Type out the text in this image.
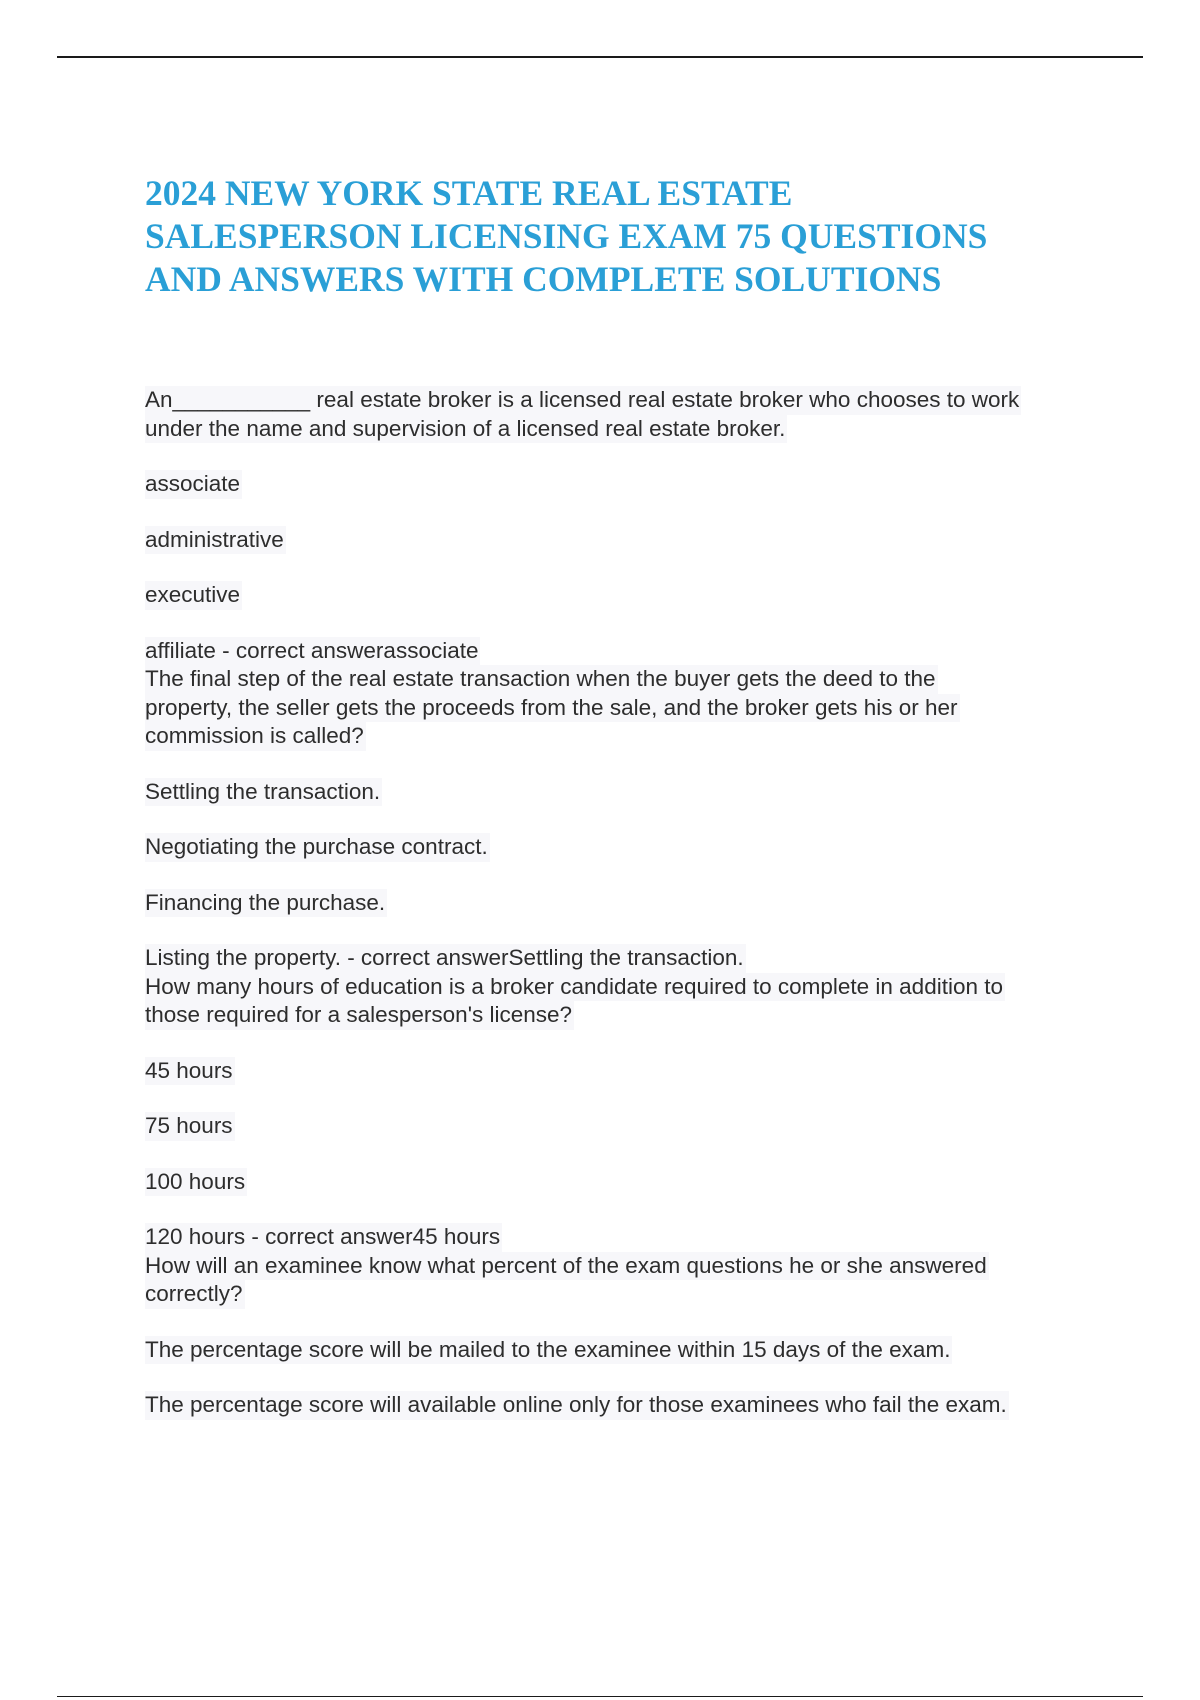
2024 NEW YORK STATE REAL ESTATE
SALESPERSON LICENSING EXAM 75 QUESTIONS
AND ANSWERS WITH COMPLETE SOLUTIONS

An___________ real estate broker is a licensed real estate broker who chooses to work

under the name and supervision of a licensed real estate broker.

associate

administrative

executive

affiliate - correct answerassociate

The final step of the real estate transaction when the buyer gets the deed to the

property, the seller gets the proceeds from the sale, and the broker gets his or her

commission is called?

Settling the transaction.

Negotiating the purchase contract.

Financing the purchase.

Listing the property. - correct answerSettling the transaction.

How many hours of education is a broker candidate required to complete in addition to

those required for a salesperson's license?

45 hours

75 hours

100 hours

120 hours - correct answer45 hours

How will an examinee know what percent of the exam questions he or she answered

correctly?

The percentage score will be mailed to the examinee within 15 days of the exam.

The percentage score will available online only for those examinees who fail the exam.
